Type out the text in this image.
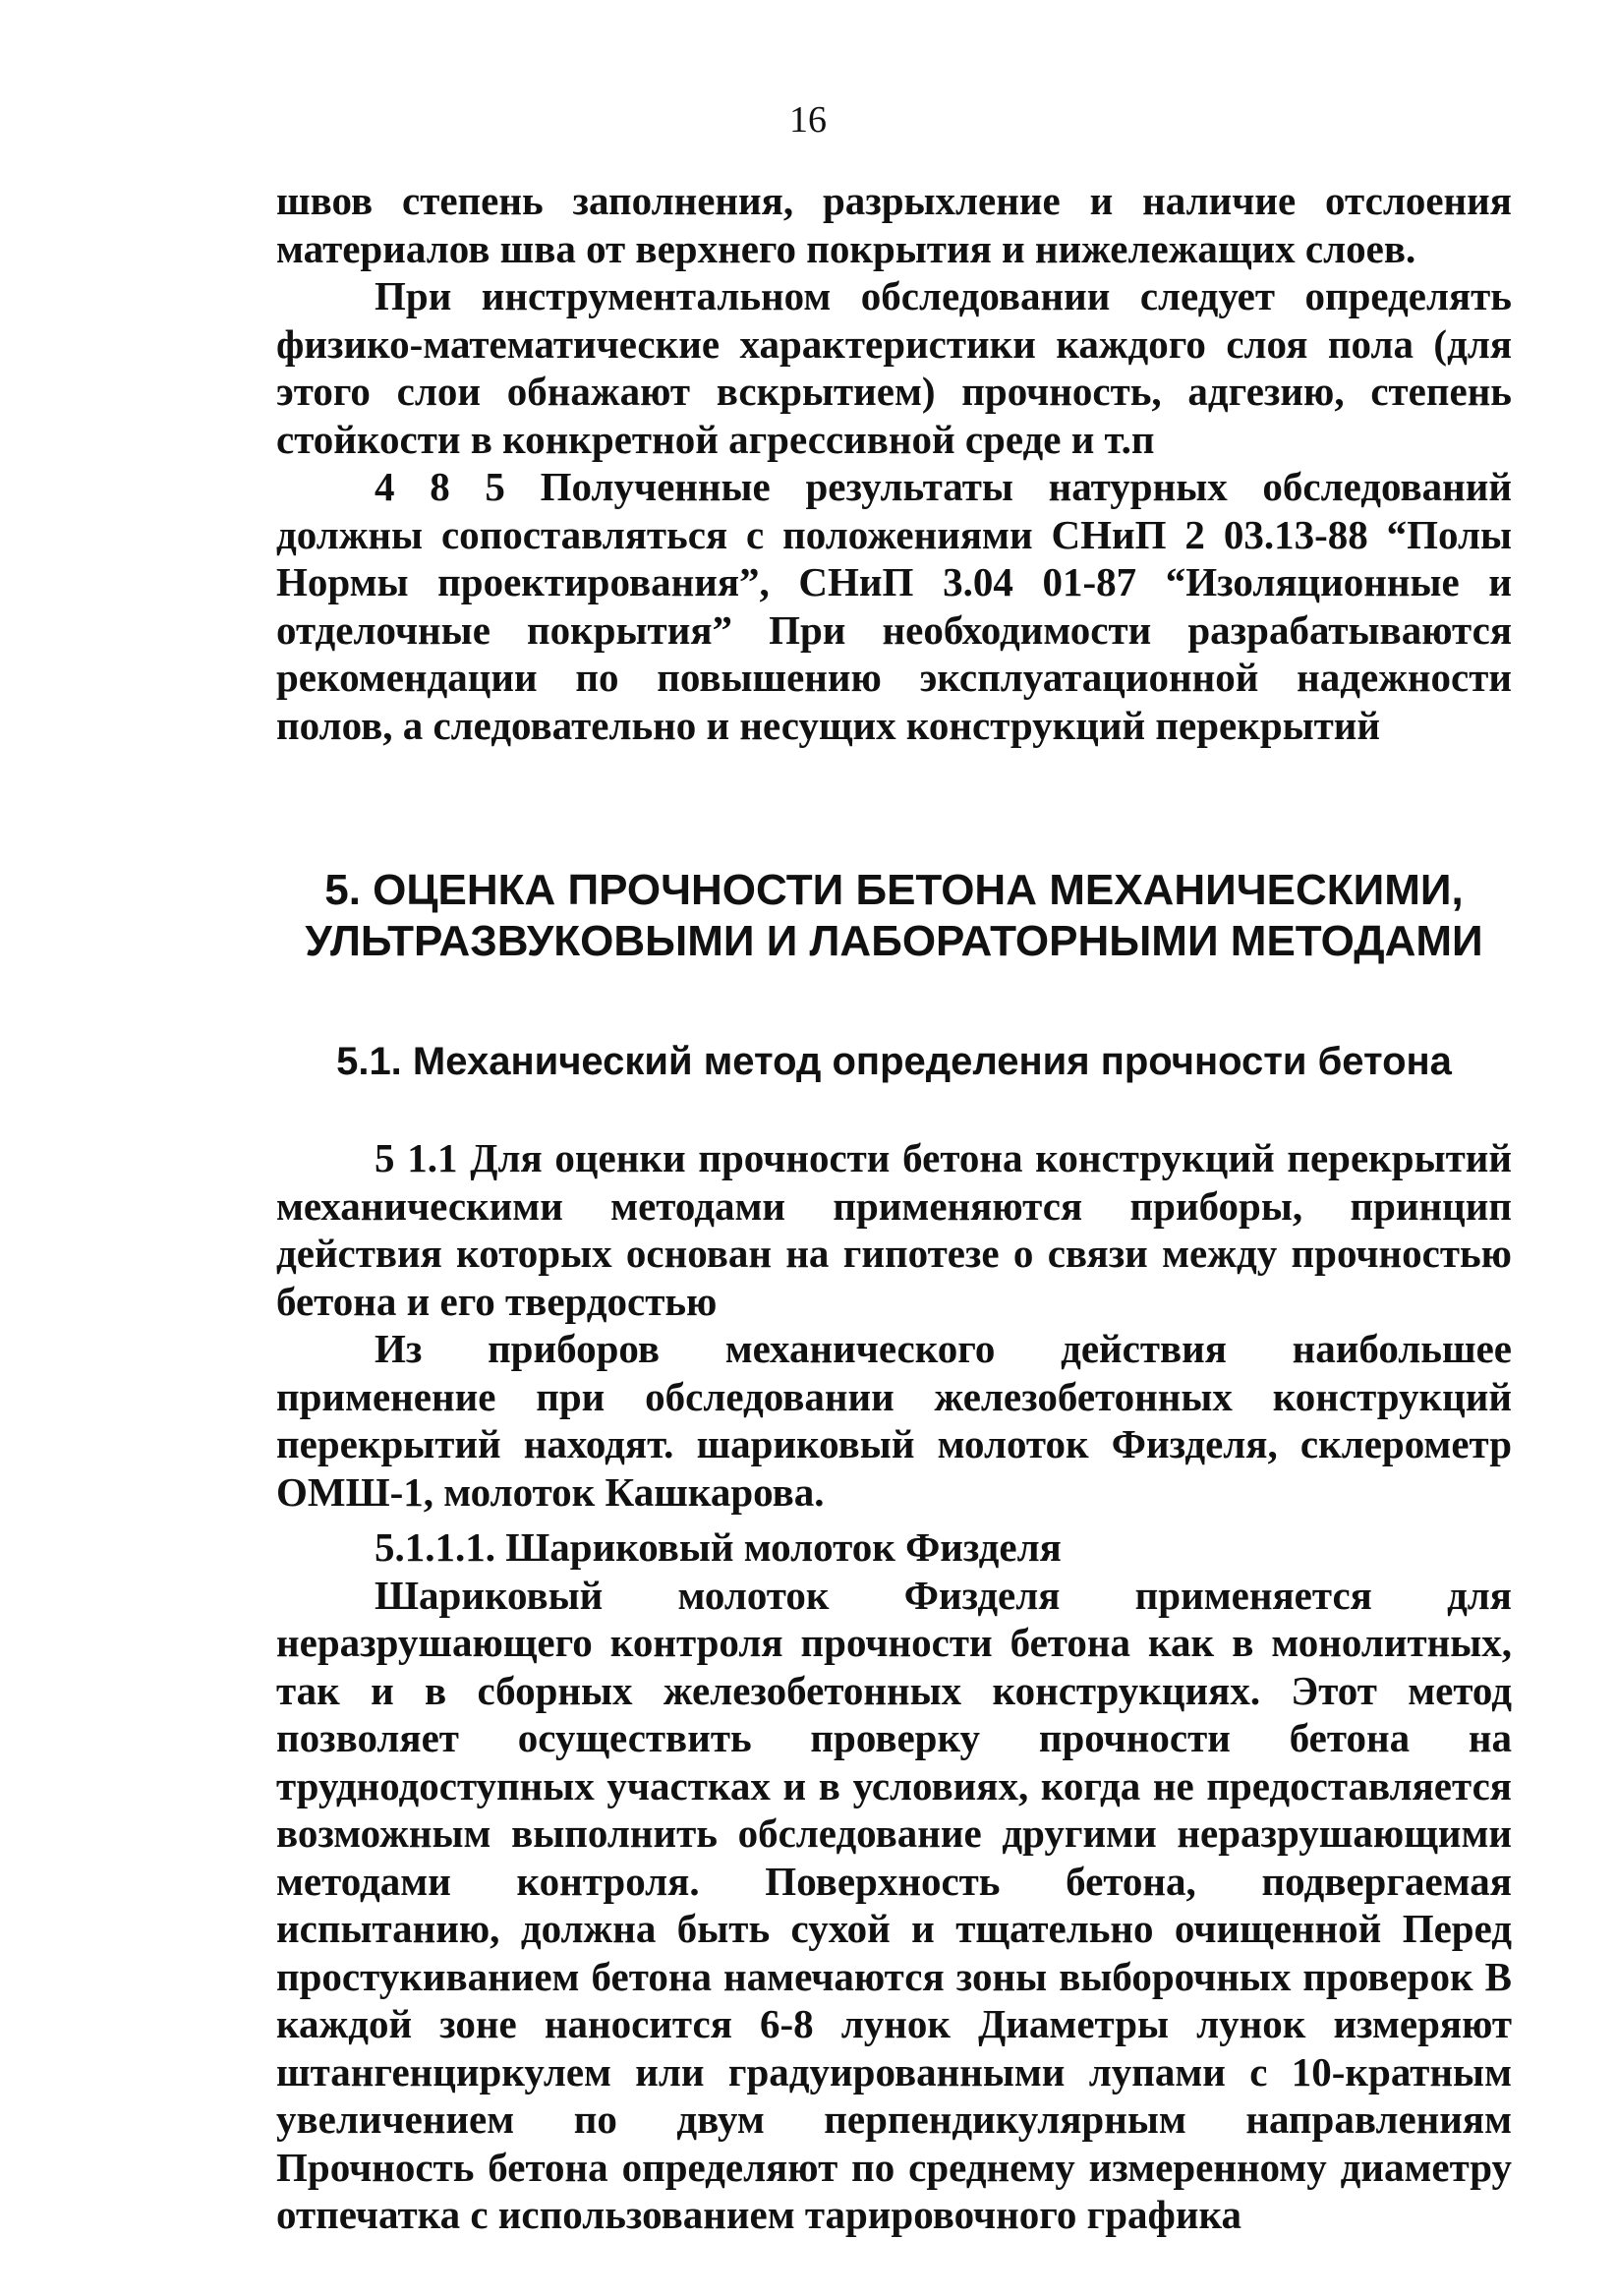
16

швов степень заполнения, разрыхление и наличие отслоения материалов шва от верхнего покрытия и нижележащих слоев.

При инструментальном обследовании следует определять физико-математические характеристики каждого слоя пола (для этого слои обнажают вскрытием) прочность, адгезию, степень стойкости в конкретной агрессивной среде и т.п

4 8 5 Полученные результаты натурных обследований должны сопоставляться с положениями СНиП 2 03.13-88 “Полы Нормы проектирования”, СНиП 3.04 01-87 “Изоляционные и отделочные покрытия” При необходимости разрабатываются рекомендации по повышению эксплуатационной надежности полов, а следовательно и несущих конструкций перекрытий

5. ОЦЕНКА ПРОЧНОСТИ БЕТОНА МЕХАНИЧЕСКИМИ,
УЛЬТРАЗВУКОВЫМИ И ЛАБОРАТОРНЫМИ МЕТОДАМИ
5.1. Механический метод определения прочности бетона

5 1.1 Для оценки прочности бетона конструкций перекрытий механическими методами применяются приборы, принцип действия которых основан на гипотезе о связи между прочностью бетона и его твердостью

Из приборов механического действия наибольшее применение при обследовании железобетонных конструкций перекрытий находят. шариковый молоток Физделя, склерометр ОМШ-1, молоток Кашкарова.

5.1.1.1. Шариковый молоток Физделя

Шариковый молоток Физделя применяется для неразрушающего контроля прочности бетона как в монолитных, так и в сборных железобетонных конструкциях. Этот метод позволяет осуществить проверку прочности бетона на труднодоступных участках и в условиях, когда не предоставляется возможным выполнить обследование другими неразрушающими методами контроля. Поверхность бетона, подвергаемая испытанию, должна быть сухой и тщательно очищенной Перед простукиванием бетона намечаются зоны выборочных проверок В каждой зоне наносится 6-8 лунок Диаметры лунок измеряют штангенциркулем или градуированными лупами с 10-кратным увеличением по двум перпендикулярным направлениям Прочность бетона определяют по среднему измеренному диаметру отпечатка с использованием тарировочного графика
